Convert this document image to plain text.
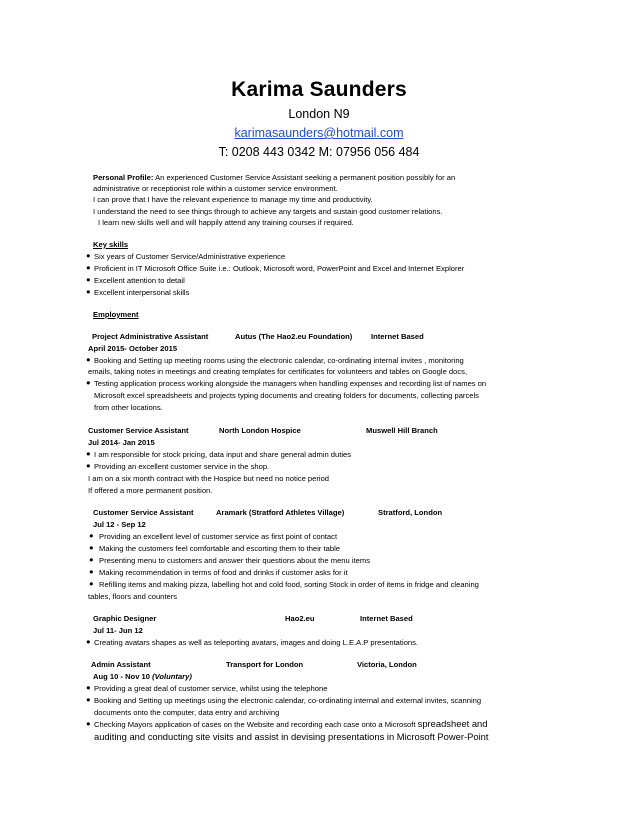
Karima Saunders
London N9
karimasaunders@hotmail.com
T: 0208 443 0342 M: 07956 056 484
Personal Profile: An experienced Customer Service Assistant seeking a permanent position possibly for an
administrative or receptionist role within a customer service environment.
I can prove that I have the relevant experience to manage my time and productivity.
I understand the need to see things through to achieve any targets and sustain good customer relations.
I learn new skills well and will happily attend any training courses if required.
Key skills
● Six years of Customer Service/Administrative experience
● Proficient in IT Microsoft Office Suite i.e.: Outlook, Microsoft word, PowerPoint and Excel and Internet Explorer
● Excellent attention to detail
● Excellent interpersonal skills
Employment
Project Administrative Assistant	Autus (The Hao2.eu Foundation) Internet Based
April 2015- October 2015
● Booking and Setting up meeting rooms using the electronic calendar, co-ordinating internal invites , monitoring
emails, taking notes in meetings and creating templates for certificates for volunteers and tables on Google docs,
● Testing application process working alongside the managers when handling expenses and recording list of names on
Microsoft excel spreadsheets and projects typing documents and creating folders for documents, collecting parcels
from other locations.
Customer Service Assistant	North London Hospice	Muswell Hill Branch
Jul 2014- Jan 2015
● I am responsible for stock pricing, data input and share general admin duties
● Providing an excellent customer service in the shop.
I am on a six month contract with the Hospice but need no notice period
If offered a more permanent position.
Customer Service Assistant	Aramark (Stratford Athletes Village)	Stratford, London
Jul 12 - Sep 12
● Providing an excellent level of customer service as first point of contact
● Making the customers feel comfortable and escorting them to their table
● Presenting menu to customers and answer their questions about the menu items
● Making recommendation in terms of food and drinks if customer asks for it
● Refilling items and making pizza, labelling hot and cold food, sorting Stock in order of items in fridge and cleaning
tables, floors and counters
Graphic Designer	Hao2.eu	Internet Based
Jul 11- Jun 12
● Creating avatars shapes as well as teleporting avatars, images and doing L.E.A.P presentations.
Admin Assistant	Transport for London	Victoria, London
Aug 10 - Nov 10 (Voluntary)
● Providing a great deal of customer service, whilst using the telephone
● Booking and Setting up meetings using the electronic calendar, co-ordinating internal and external invites, scanning
documents onto the computer, data entry and archiving
● Checking Mayors application of cases on the Website and recording each case onto a Microsoft spreadsheet and
auditing and conducting site visits and assist in devising presentations in Microsoft Power-Point
